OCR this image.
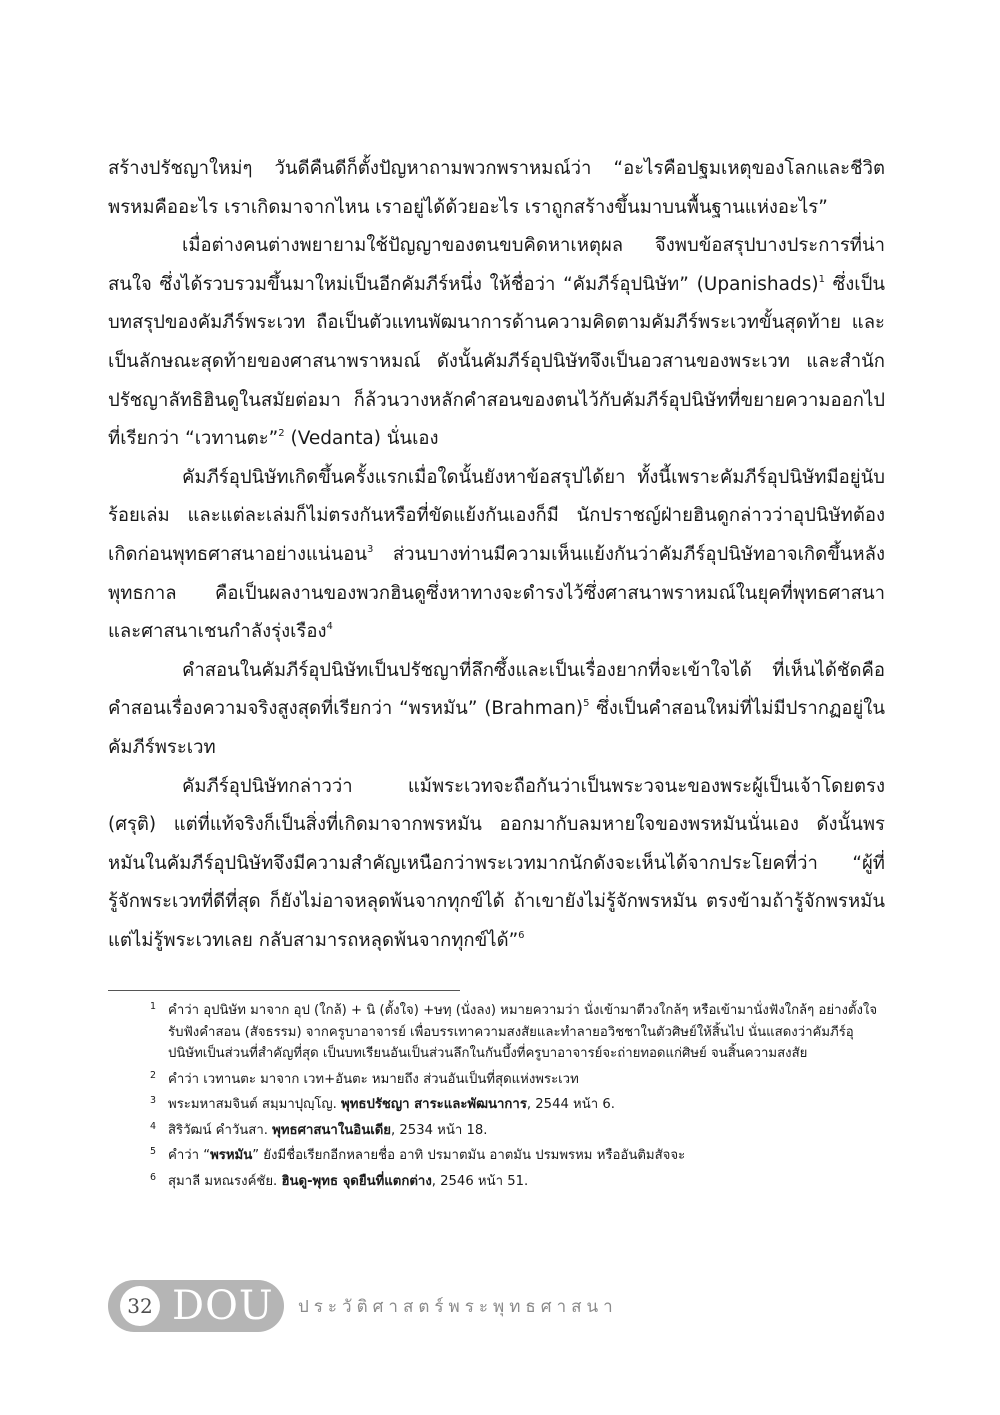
สร้างปรัชญาใหม่ๆ วันดีคืนดีก็ตั้งปัญหาถามพวกพราหมณ์ว่า “อะไรคือปฐมเหตุของโลกและชีวิต พรหมคืออะไร เราเกิดมาจากไหน เราอยู่ได้ด้วยอะไร เราถูกสร้างขึ้นมาบนพื้นฐานแห่งอะไร”

เมื่อต่างคนต่างพยายามใช้ปัญญาของตนขบคิดหาเหตุผล จึงพบข้อสรุปบางประการที่น่าสนใจ ซึ่งได้รวบรวมขึ้นมาใหม่เป็นอีกคัมภีร์หนึ่ง ให้ชื่อว่า “คัมภีร์อุปนิษัท” (Upanishads)$^1$ ซึ่งเป็นบทสรุปของคัมภีร์พระเวท ถือเป็นตัวแทนพัฒนาการด้านความคิดตามคัมภีร์พระเวทขั้นสุดท้าย และเป็นลักษณะสุดท้ายของศาสนาพราหมณ์ ดังนั้นคัมภีร์อุปนิษัทจึงเป็นอวสานของพระเวท และสำนักปรัชญาลัทธิฮินดูในสมัยต่อมา ก็ล้วนวางหลักคำสอนของตนไว้กับคัมภีร์อุปนิษัทที่ขยายความออกไปที่เรียกว่า “เวทานตะ”$^2$ (Vedanta) นั่นเอง

คัมภีร์อุปนิษัทเกิดขึ้นครั้งแรกเมื่อใดนั้นยังหาข้อสรุปได้ยา ทั้งนี้เพราะคัมภีร์อุปนิษัทมีอยู่นับร้อยเล่ม และแต่ละเล่มก็ไม่ตรงกันหรือที่ขัดแย้งกันเองก็มี นักปราชญ์ฝ่ายฮินดูกล่าวว่าอุปนิษัทต้องเกิดก่อนพุทธศาสนาอย่างแน่นอน$^3$ ส่วนบางท่านมีความเห็นแย้งกันว่าคัมภีร์อุปนิษัทอาจเกิดขึ้นหลังพุทธกาล คือเป็นผลงานของพวกฮินดูซึ่งหาทางจะดำรงไว้ซึ่งศาสนาพราหมณ์ในยุคที่พุทธศาสนาและศาสนาเชนกำลังรุ่งเรือง$^4$

คำสอนในคัมภีร์อุปนิษัทเป็นปรัชญาที่ลึกซึ้งและเป็นเรื่องยากที่จะเข้าใจได้ ที่เห็นได้ชัดคือคำสอนเรื่องความจริงสูงสุดที่เรียกว่า “พรหมัน” (Brahman)$^5$ ซึ่งเป็นคำสอนใหม่ที่ไม่มีปรากฏอยู่ในคัมภีร์พระเวท

คัมภีร์อุปนิษัทกล่าวว่า แม้พระเวทจะถือกันว่าเป็นพระวจนะของพระผู้เป็นเจ้าโดยตรง (ศรุติ) แต่ที่แท้จริงก็เป็นสิ่งที่เกิดมาจากพรหมัน ออกมากับลมหายใจของพรหมันนั่นเอง ดังนั้นพรหมันในคัมภีร์อุปนิษัทจึงมีความสำคัญเหนือกว่าพระเวทมากนักดังจะเห็นได้จากประโยคที่ว่า “ผู้ที่รู้จักพระเวทที่ดีที่สุด ก็ยังไม่อาจหลุดพ้นจากทุกข์ได้ ถ้าเขายังไม่รู้จักพรหมัน ตรงข้ามถ้ารู้จักพรหมันแต่ไม่รู้พระเวทเลย กลับสามารถหลุดพ้นจากทุกข์ได้”$^6$

1 คำว่า อุปนิษัท มาจาก อุป (ใกล้) + นิ (ตั้งใจ) +ษทฺ (นั่งลง) หมายความว่า นั่งเข้ามาตีวงใกล้ๆ หรือเข้ามานั่งฟังใกล้ๆ อย่างตั้งใจรับฟังคำสอน (สัจธรรม) จากครูบาอาจารย์ เพื่อบรรเทาความสงสัยและทำลายอวิชชาในตัวศิษย์ให้สิ้นไป นั่นแสดงว่าคัมภีร์อุปนิษัทเป็นส่วนที่สำคัญที่สุด เป็นบทเรียนอันเป็นส่วนลึกในกันบึ้งที่ครูบาอาจารย์จะถ่ายทอดแก่ศิษย์ จนสิ้นความสงสัย

2 คำว่า เวทานตะ มาจาก เวท+อันตะ หมายถึง ส่วนอันเป็นที่สุดแห่งพระเวท

3 พระมหาสมจินต์ สมฺมาปุญฺโญ. พุทธปรัชญา สาระและพัฒนาการ, 2544 หน้า 6.

4 สิริวัฒน์ คำวันสา. พุทธศาสนาในอินเดีย, 2534 หน้า 18.

5 คำว่า “พรหมัน” ยังมีชื่อเรียกอีกหลายชื่อ อาทิ ปรมาตมัน อาตมัน ปรมพรหม หรืออันติมสัจจะ

6 สุมาลี มหณรงค์ชัย. ฮินดู-พุทธ จุดยืนที่แตกต่าง, 2546 หน้า 51.

32 DOU ประวัติศาสตร์พระพุทธศาสนา
